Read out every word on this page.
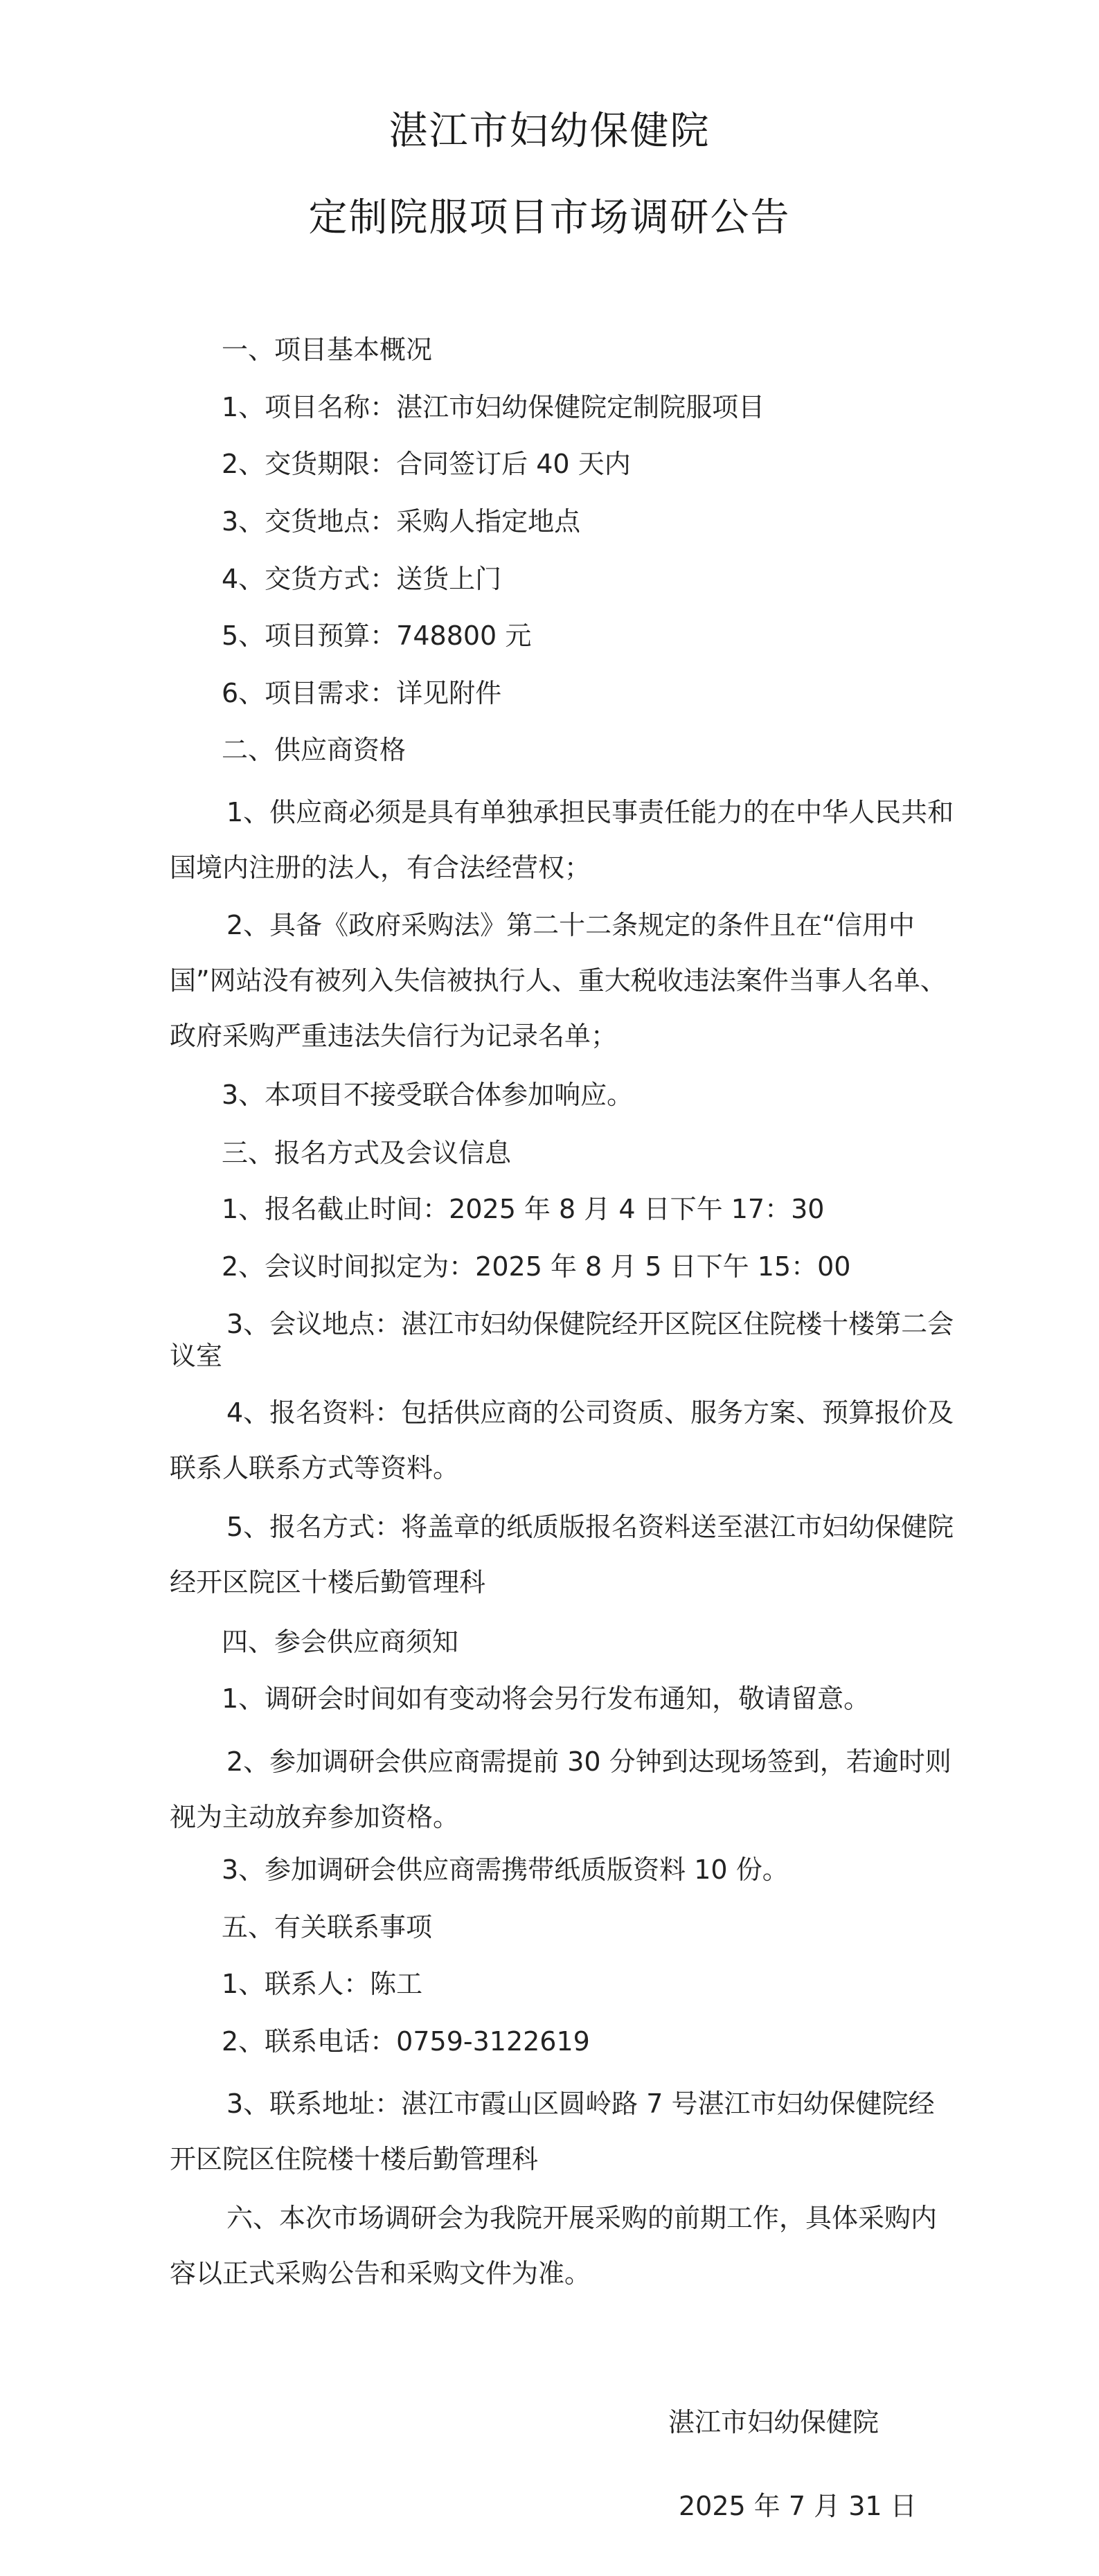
湛江市妇幼保健院
定制院服项目市场调研公告
一、项目基本概况
1、项目名称：湛江市妇幼保健院定制院服项目
2、交货期限：合同签订后 40 天内
3、交货地点：采购人指定地点
4、交货方式：送货上门
5、项目预算：748800 元
6、项目需求：详见附件
二、供应商资格
1、供应商必须是具有单独承担民事责任能力的在中华人民共和国境内注册的法人，有合法经营权；
2、具备《政府采购法》第二十二条规定的条件且在“信用中国”网站没有被列入失信被执行人、重大税收违法案件当事人名单、政府采购严重违法失信行为记录名单；
3、本项目不接受联合体参加响应。
三、报名方式及会议信息
1、报名截止时间：2025 年 8 月 4 日下午 17：30
2、会议时间拟定为：2025 年 8 月 5 日下午 15：00
3、会议地点：湛江市妇幼保健院经开区院区住院楼十楼第二会议室
4、报名资料：包括供应商的公司资质、服务方案、预算报价及联系人联系方式等资料。
5、报名方式：将盖章的纸质版报名资料送至湛江市妇幼保健院经开区院区十楼后勤管理科
四、参会供应商须知
1、调研会时间如有变动将会另行发布通知，敬请留意。
2、参加调研会供应商需提前 30 分钟到达现场签到，若逾时则视为主动放弃参加资格。
3、参加调研会供应商需携带纸质版资料 10 份。
五、有关联系事项
1、联系人：陈工
2、联系电话：0759-3122619
3、联系地址：湛江市霞山区圆岭路 7 号湛江市妇幼保健院经开区院区住院楼十楼后勤管理科
六、本次市场调研会为我院开展采购的前期工作，具体采购内容以正式采购公告和采购文件为准。
湛江市妇幼保健院
2025 年 7 月 31 日
